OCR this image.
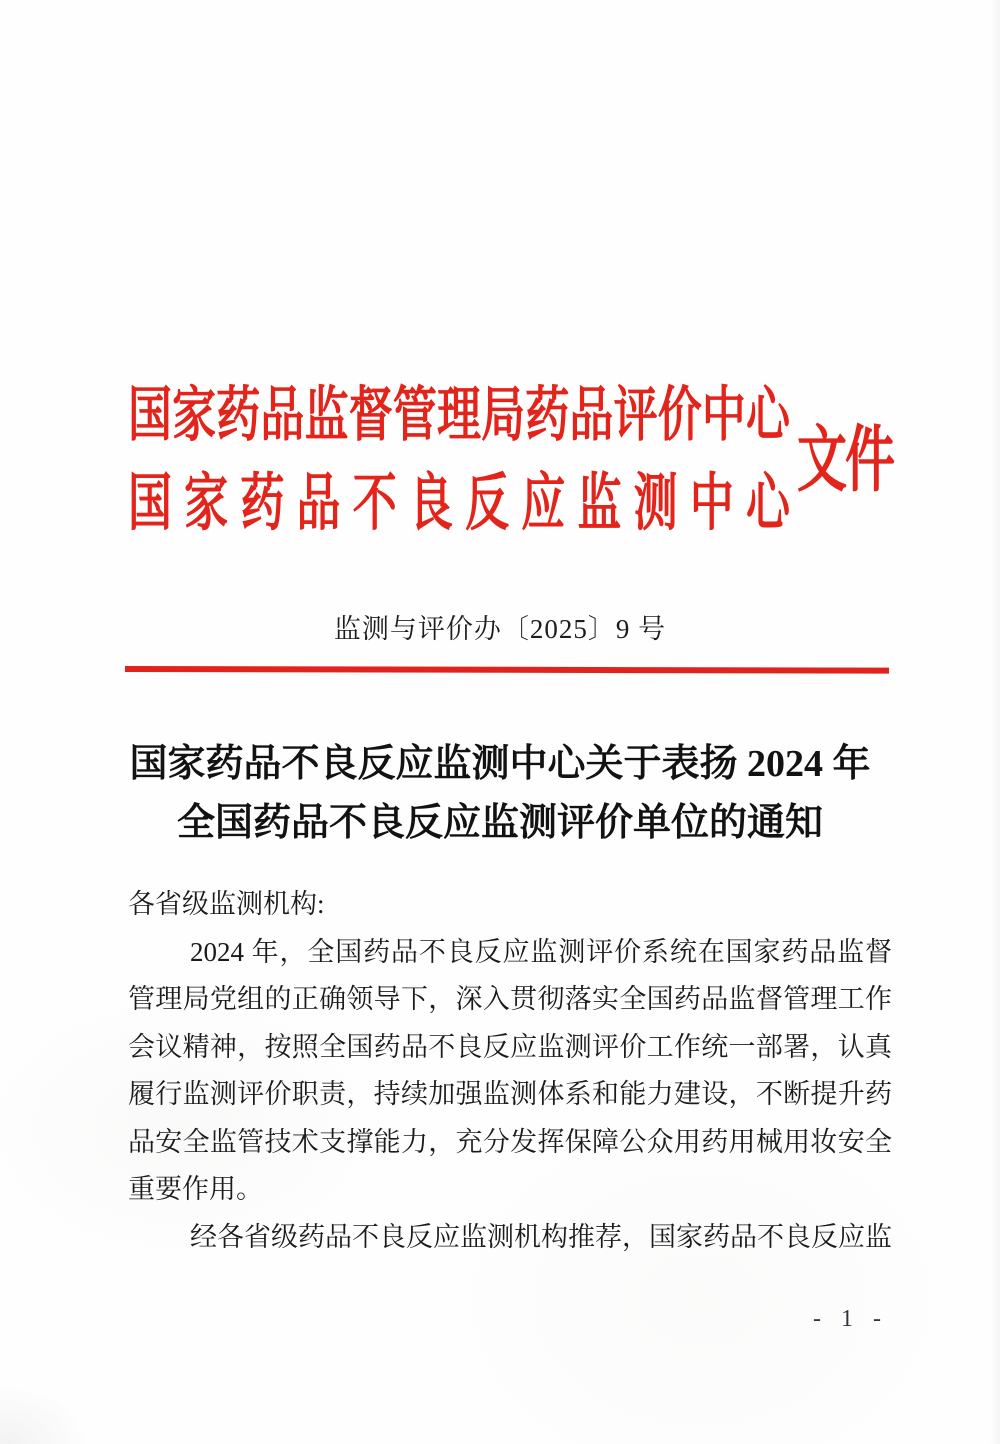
国家药品监督管理局药品评价中心
国家药品不良反应监测中心
文件
监测与评价办〔2025〕9 号
国家药品不良反应监测中心关于表扬 2024 年
全国药品不良反应监测评价单位的通知
各省级监测机构:
2024 年，全国药品不良反应监测评价系统在国家药品监督
管理局党组的正确领导下，深入贯彻落实全国药品监督管理工作
会议精神，按照全国药品不良反应监测评价工作统一部署，认真
履行监测评价职责，持续加强监测体系和能力建设，不断提升药
品安全监管技术支撑能力，充分发挥保障公众用药用械用妆安全
重要作用。
经各省级药品不良反应监测机构推荐，国家药品不良反应监
- 1 -
